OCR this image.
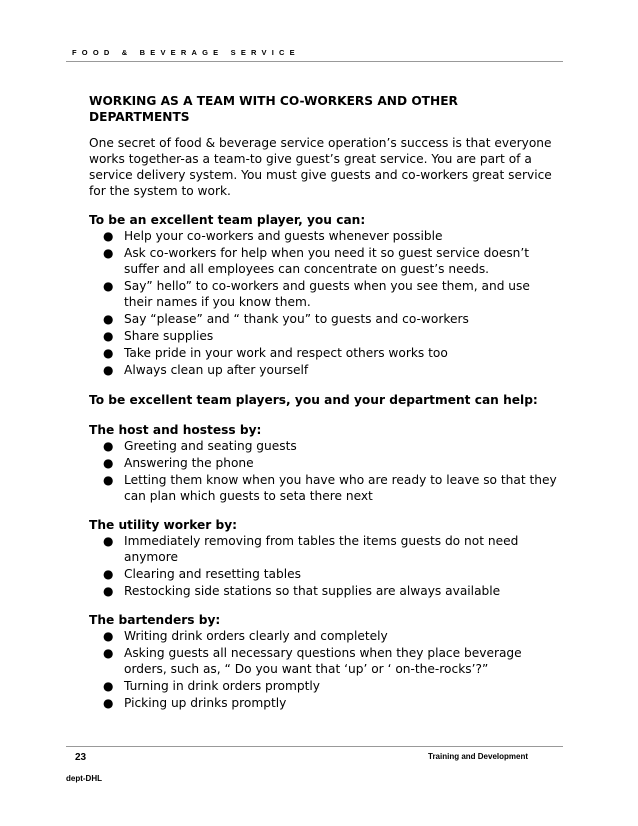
FOOD & BEVERAGE SERVICE
WORKING AS A TEAM WITH CO-WORKERS AND OTHER
DEPARTMENTS

One secret of food & beverage service operation’s success is that everyone works together-as a team-to give guest’s great service. You are part of a service delivery system. You must give guests and co-workers great service for the system to work.

To be an excellent team player, you can:
● Help your co-workers and guests whenever possible
● Ask co-workers for help when you need it so guest service doesn’t suffer and all employees can concentrate on guest’s needs.
● Say” hello” to co-workers and guests when you see them, and use their names if you know them.
● Say “please” and “ thank you” to guests and co-workers
● Share supplies
● Take pride in your work and respect others works too
● Always clean up after yourself
To be excellent team players, you and your department can help:
The host and hostess by:
● Greeting and seating guests
● Answering the phone
● Letting them know when you have who are ready to leave so that they can plan which guests to seta there next
The utility worker by:
● Immediately removing from tables the items guests do not need anymore
● Clearing and resetting tables
● Restocking side stations so that supplies are always available
The bartenders by:
● Writing drink orders clearly and completely
● Asking guests all necessary questions when they place beverage orders, such as, “ Do you want that ‘up’ or ‘ on-the-rocks’?”
● Turning in drink orders promptly
● Picking up drinks promptly
23	Training and Development
dept-DHL
